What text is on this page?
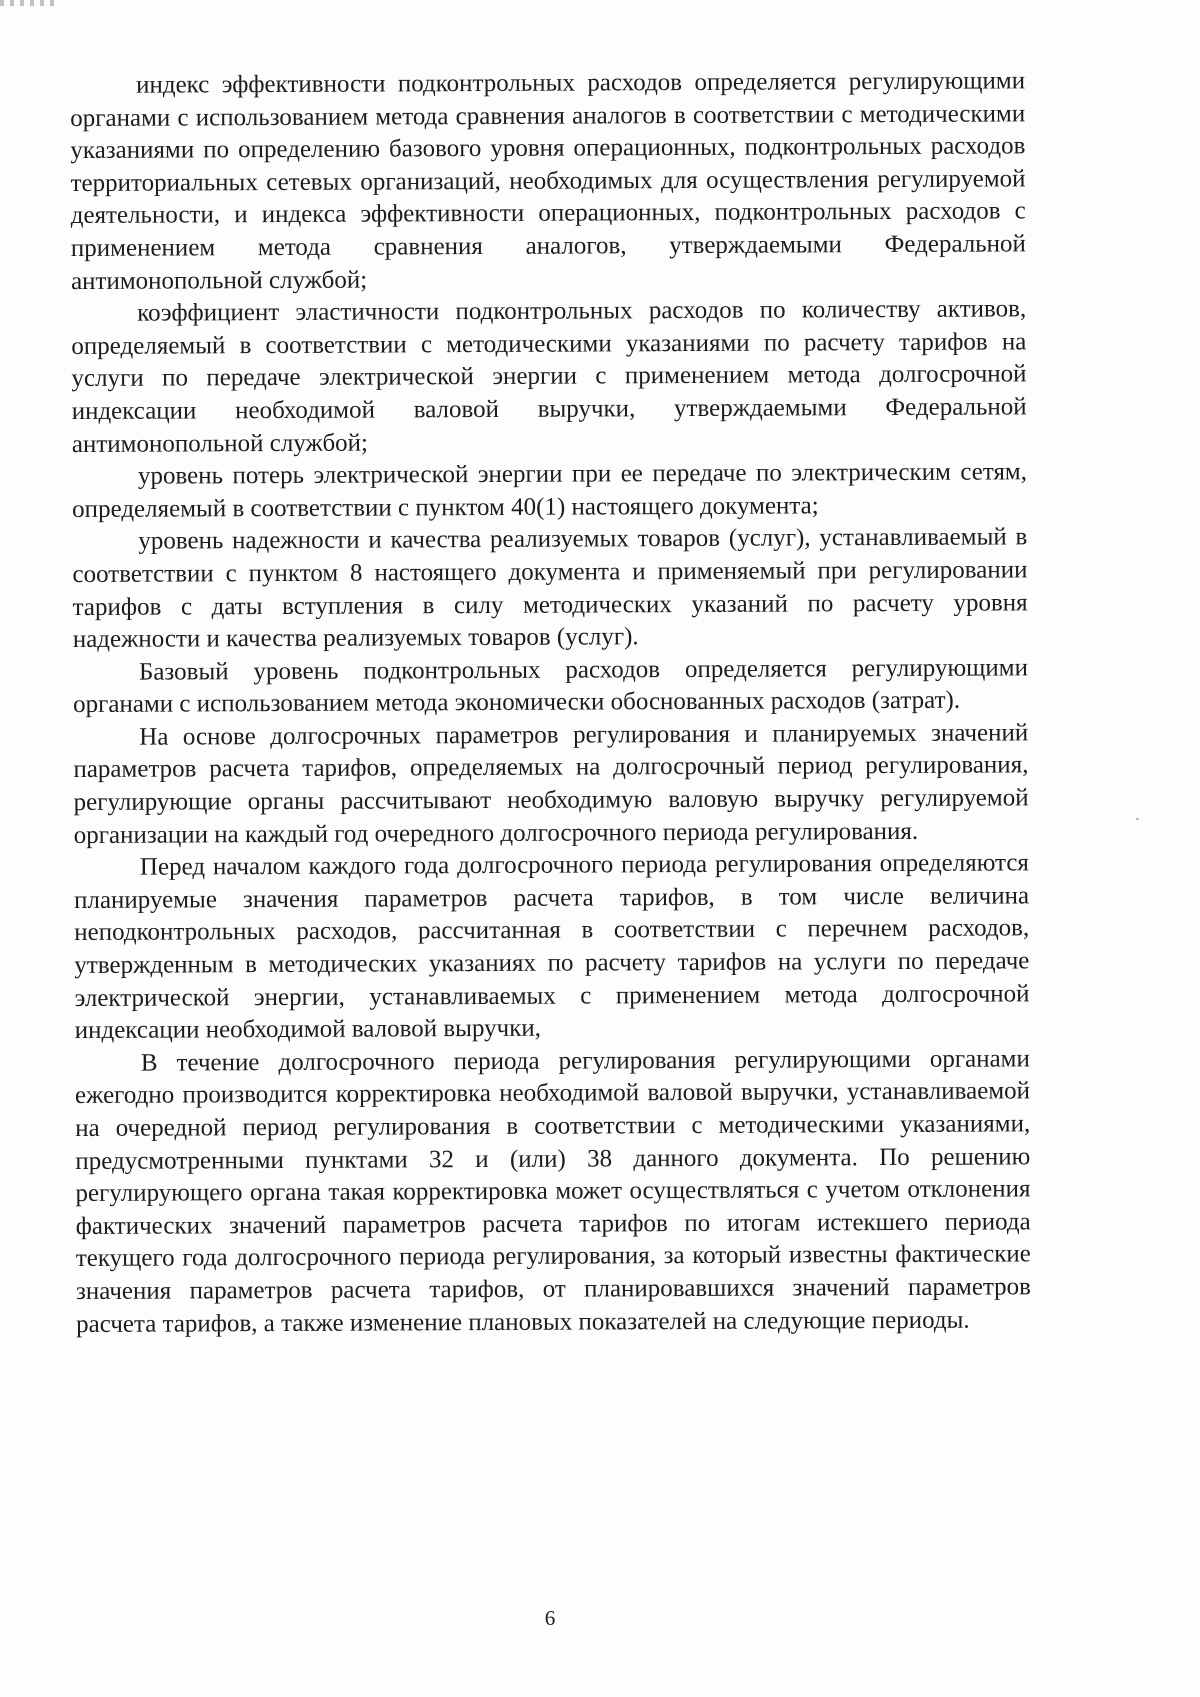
индекс эффективности подконтрольных расходов определяется регулирующими органами с использованием метода сравнения аналогов в соответствии с методическими указаниями по определению базового уровня операционных, подконтрольных расходов территориальных сетевых организаций, необходимых для осуществления регулируемой деятельности, и индекса эффективности операционных, подконтрольных расходов с применением метода сравнения аналогов, утверждаемыми Федеральной антимонопольной службой;

коэффициент эластичности подконтрольных расходов по количеству активов, определяемый в соответствии с методическими указаниями по расчету тарифов на услуги по передаче электрической энергии с применением метода долгосрочной индексации необходимой валовой выручки, утверждаемыми Федеральной антимонопольной службой;

уровень потерь электрической энергии при ее передаче по электрическим сетям, определяемый в соответствии с пунктом 40(1) настоящего документа;

уровень надежности и качества реализуемых товаров (услуг), устанавливаемый в соответствии с пунктом 8 настоящего документа и применяемый при регулировании тарифов с даты вступления в силу методических указаний по расчету уровня надежности и качества реализуемых товаров (услуг).

Базовый уровень подконтрольных расходов определяется регулирующими органами с использованием метода экономически обоснованных расходов (затрат).

На основе долгосрочных параметров регулирования и планируемых значений параметров расчета тарифов, определяемых на долгосрочный период регулирования, регулирующие органы рассчитывают необходимую валовую выручку регулируемой организации на каждый год очередного долгосрочного периода регулирования.

Перед началом каждого года долгосрочного периода регулирования определяются планируемые значения параметров расчета тарифов, в том числе величина неподконтрольных расходов, рассчитанная в соответствии с перечнем расходов, утвержденным в методических указаниях по расчету тарифов на услуги по передаче электрической энергии, устанавливаемых с применением метода долгосрочной индексации необходимой валовой выручки,

В течение долгосрочного периода регулирования регулирующими органами ежегодно производится корректировка необходимой валовой выручки, устанавливаемой на очередной период регулирования в соответствии с методическими указаниями, предусмотренными пунктами 32 и (или) 38 данного документа. По решению регулирующего органа такая корректировка может осуществляться с учетом отклонения фактических значений параметров расчета тарифов по итогам истекшего периода текущего года долгосрочного периода регулирования, за который известны фактические значения параметров расчета тарифов, от планировавшихся значений параметров расчета тарифов, а также изменение плановых показателей на следующие периоды.

6
